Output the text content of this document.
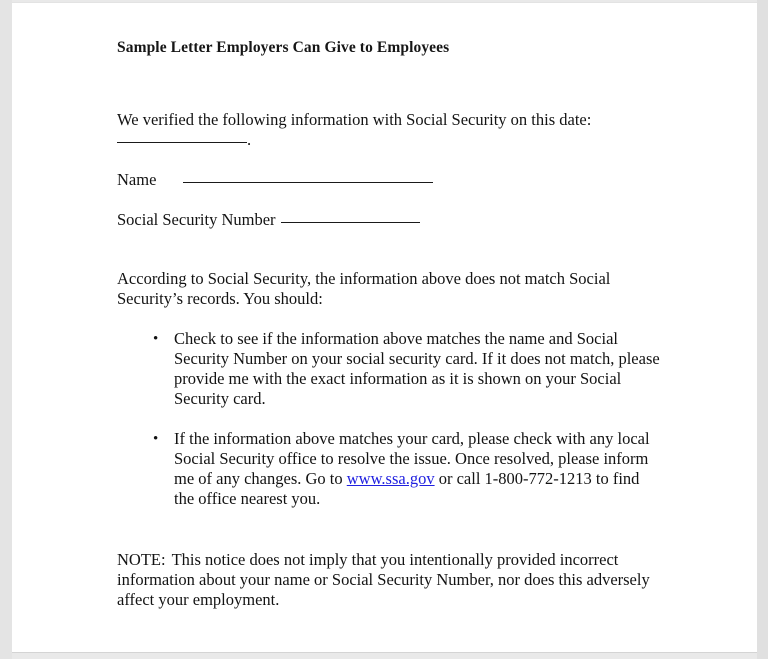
Sample Letter Employers Can Give to Employees
We verified the following information with Social Security on this date:
.
Name
Social Security Number
According to Social Security, the information above does not match Social Security’s records. You should:
• Check to see if the information above matches the name and Social Security Number on your social security card. If it does not match, please provide me with the exact information as it is shown on your Social Security card.
• If the information above matches your card, please check with any local Social Security office to resolve the issue. Once resolved, please inform me of any changes. Go to www.ssa.gov or call 1-800-772-1213 to find the office nearest you.
NOTE: This notice does not imply that you intentionally provided incorrect information about your name or Social Security Number, nor does this adversely affect your employment.
